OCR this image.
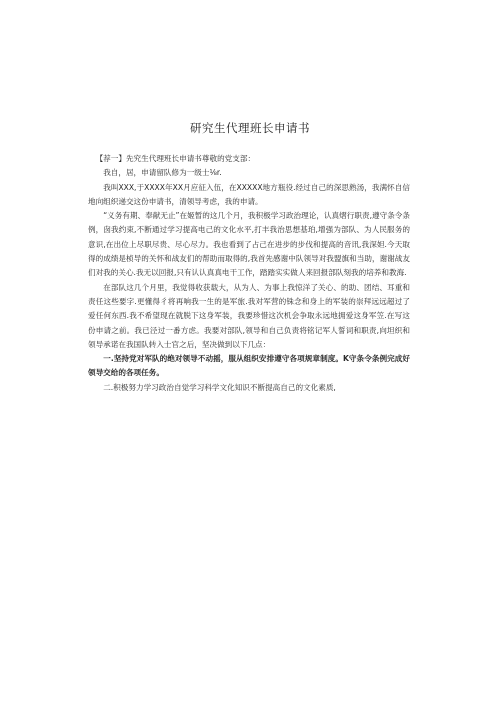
研究生代理班长申请书

【荐一】先究生代理班长申请书尊敬的党支部：

我自，居，申请留队修为一级士⅛r.

我叫XXX,于XXXX年XX月应征入伍，在XXXXX地方瓶役.经过自己的深思熟汤，我满怀自信地向组织递交这份申请书，清领导考虑，我的申请。

“义务有期、奉献无止”在姬暂的这几个月，我积极学习政治理论，认真熠行职责,遵守条令条例，囱我约束,不断通过学习提高电己的文化水平,打丰我治思想基珀,增强为部队、为人民服务的意识,在出位上尽职尽贵、尽心尽力。我也看到了占己在进步的步伐和提高的音讯,我深妲.今天取得的成绩是桢导的关怀和战友们的帮助而取得的,我首先感谢中队领导对我盟旗和当助，谢谢战友们对我的关心.我无以回报,只有认认真真电干工作，踏踏实实做人来回报部队刻我的培养和教海.

在部队这几个月里，我觉得收获载大，从为人、为事上我惊洋了关心、的助、团结、耳重和责任这些要字.更懂得彳将再响我一生的是军旅.我对军营的铢念和身上的军装的崇拜远远超过了爱任何东西.我不希望现在就脱下这身军装，我要珍惜这次机会争取永远地拥爱这身军笠.在写这份申请之前。我已泾过一番方虑。我要对部队,领导和自己负责将铭记军人誓词和职责,向坦织和领导承诺在我国队转入士官之后，坚决做到以下几点：

一.坚持党对军队的绝对领导不动摇，服从组织安排遵守各项规章制度。K守条令条例完成好领导交给的各项任务。

二.积极努力学习政治自觉学习科学文化知识不断提高自己的文化素质,
